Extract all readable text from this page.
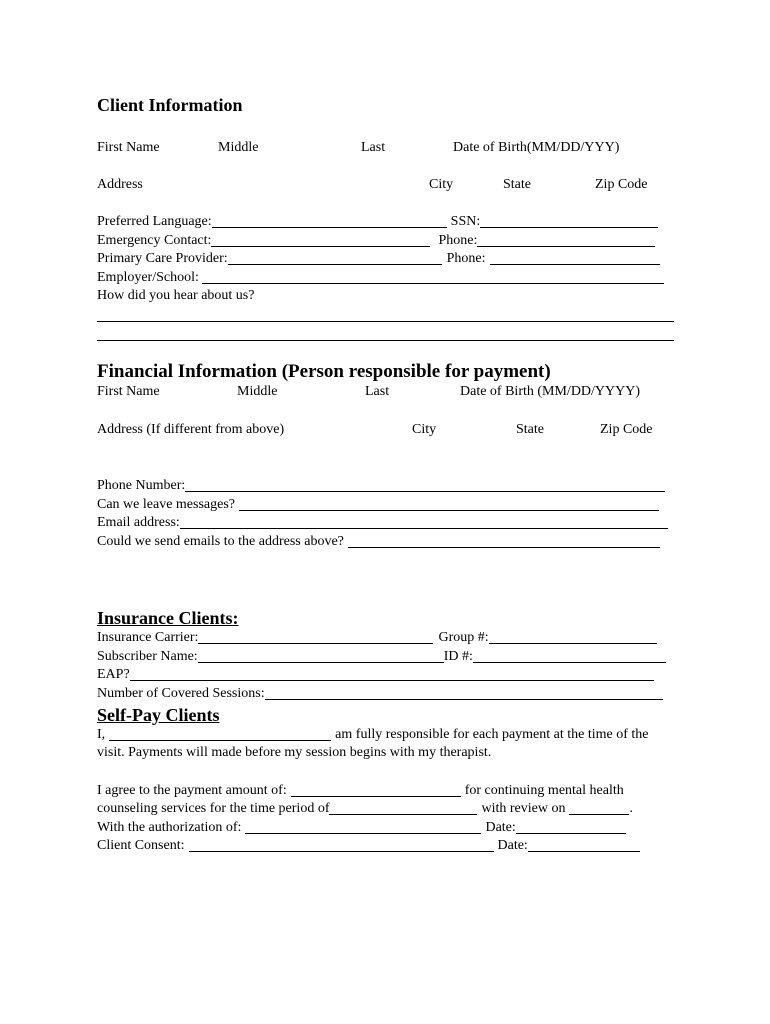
Client Information
First Name	Middle	Last	Date of Birth(MM/DD/YYY)
Address	City	State	Zip Code
Preferred Language:	SSN:
Emergency Contact:	Phone:
Primary Care Provider:	Phone:
Employer/School:
How did you hear about us?
Financial Information (Person responsible for payment)
First Name	Middle	Last	Date of Birth (MM/DD/YYYY)
Address (If different from above)	City	State	Zip Code
Phone Number:
Can we leave messages?
Email address:
Could we send emails to the address above?
Insurance Clients:
Insurance Carrier:	Group #:
Subscriber Name:	ID #:
EAP?
Number of Covered Sessions:
Self-Pay Clients
I,	am fully responsible for each payment at the time of the
visit. Payments will made before my session begins with my therapist.
I agree to the payment amount of:	for continuing mental health
counseling services for the time period of	with review on	.
With the authorization of:	Date:
Client Consent:	Date:
